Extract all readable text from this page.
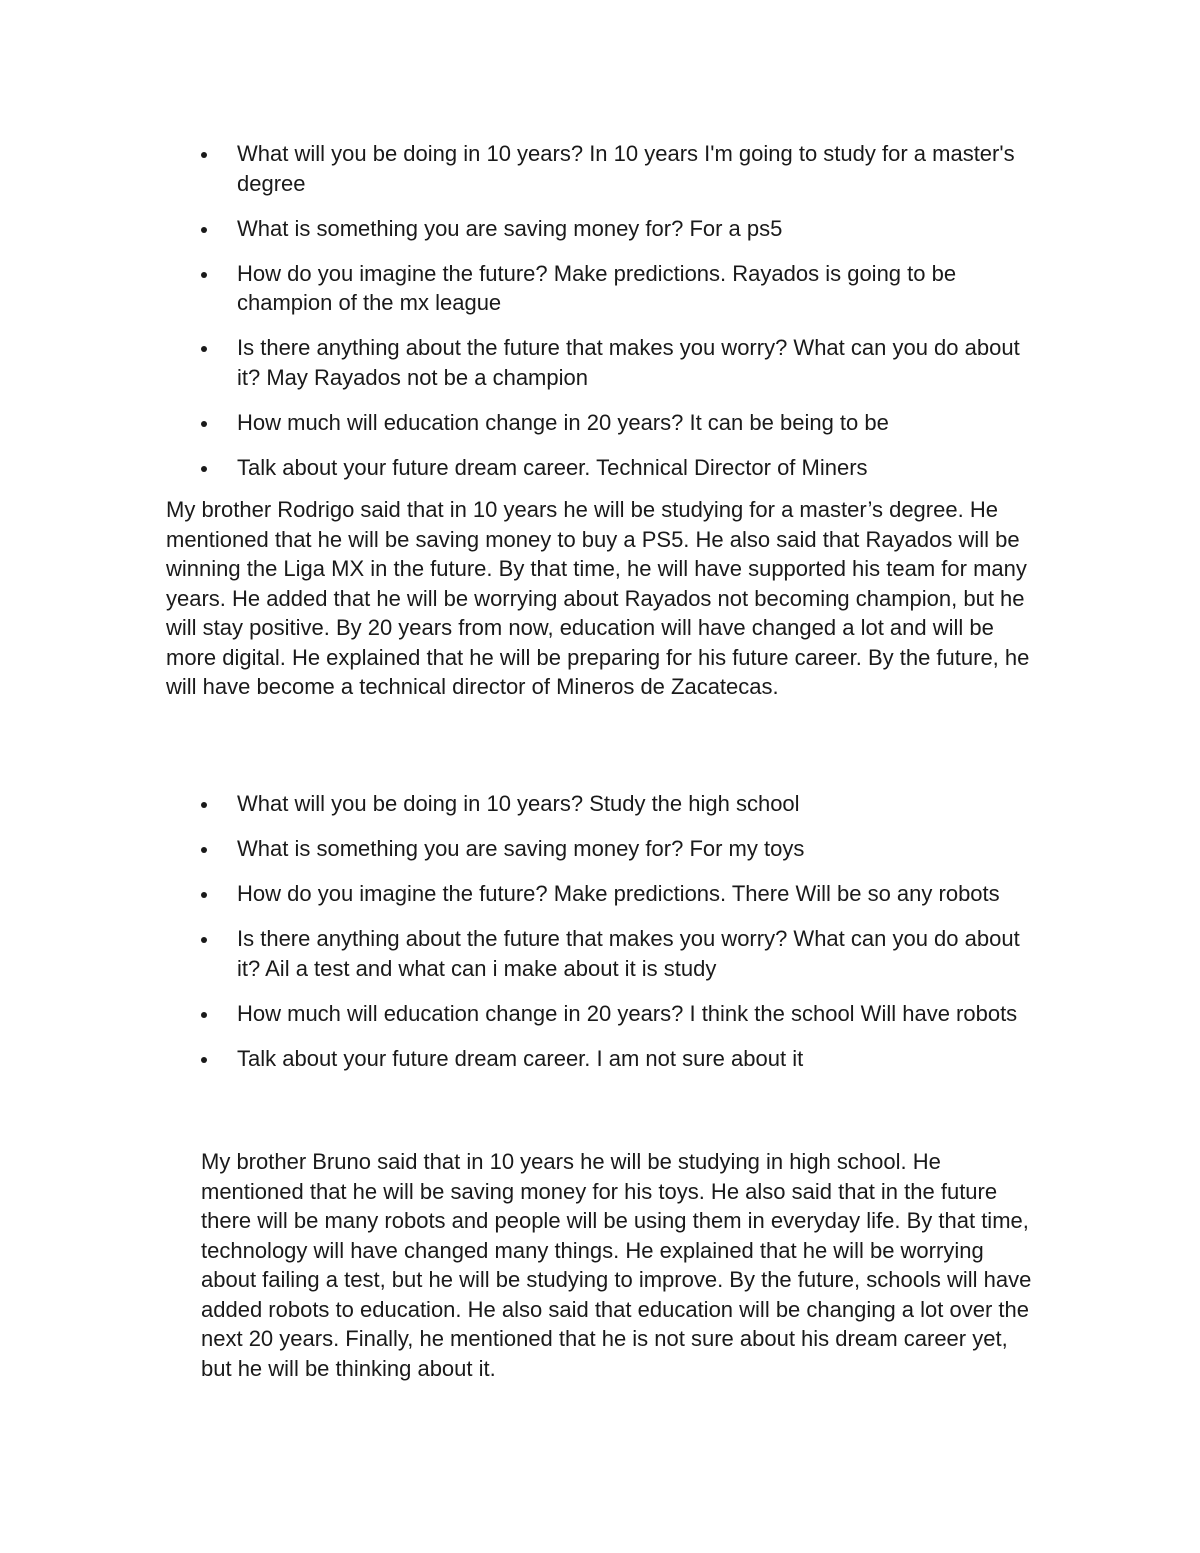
What will you be doing in 10 years? In 10 years I'm going to study for a master's degree
What is something you are saving money for? For a ps5
How do you imagine the future? Make predictions. Rayados is going to be champion of the mx league
Is there anything about the future that makes you worry? What can you do about it? May Rayados not be a champion
How much will education change in 20 years? It can be being to be
Talk about your future dream career. Technical Director of Miners

My brother Rodrigo said that in 10 years he will be studying for a master’s degree. He mentioned that he will be saving money to buy a PS5. He also said that Rayados will be winning the Liga MX in the future. By that time, he will have supported his team for many years. He added that he will be worrying about Rayados not becoming champion, but he will stay positive. By 20 years from now, education will have changed a lot and will be more digital. He explained that he will be preparing for his future career. By the future, he will have become a technical director of Mineros de Zacatecas.

What will you be doing in 10 years? Study the high school
What is something you are saving money for? For my toys
How do you imagine the future? Make predictions. There Will be so any robots
Is there anything about the future that makes you worry? What can you do about it? Ail a test and what can i make about it is study
How much will education change in 20 years? I think the school Will have robots
Talk about your future dream career. I am not sure about it

My brother Bruno said that in 10 years he will be studying in high school. He mentioned that he will be saving money for his toys. He also said that in the future there will be many robots and people will be using them in everyday life. By that time, technology will have changed many things. He explained that he will be worrying about failing a test, but he will be studying to improve. By the future, schools will have added robots to education. He also said that education will be changing a lot over the next 20 years. Finally, he mentioned that he is not sure about his dream career yet, but he will be thinking about it.
